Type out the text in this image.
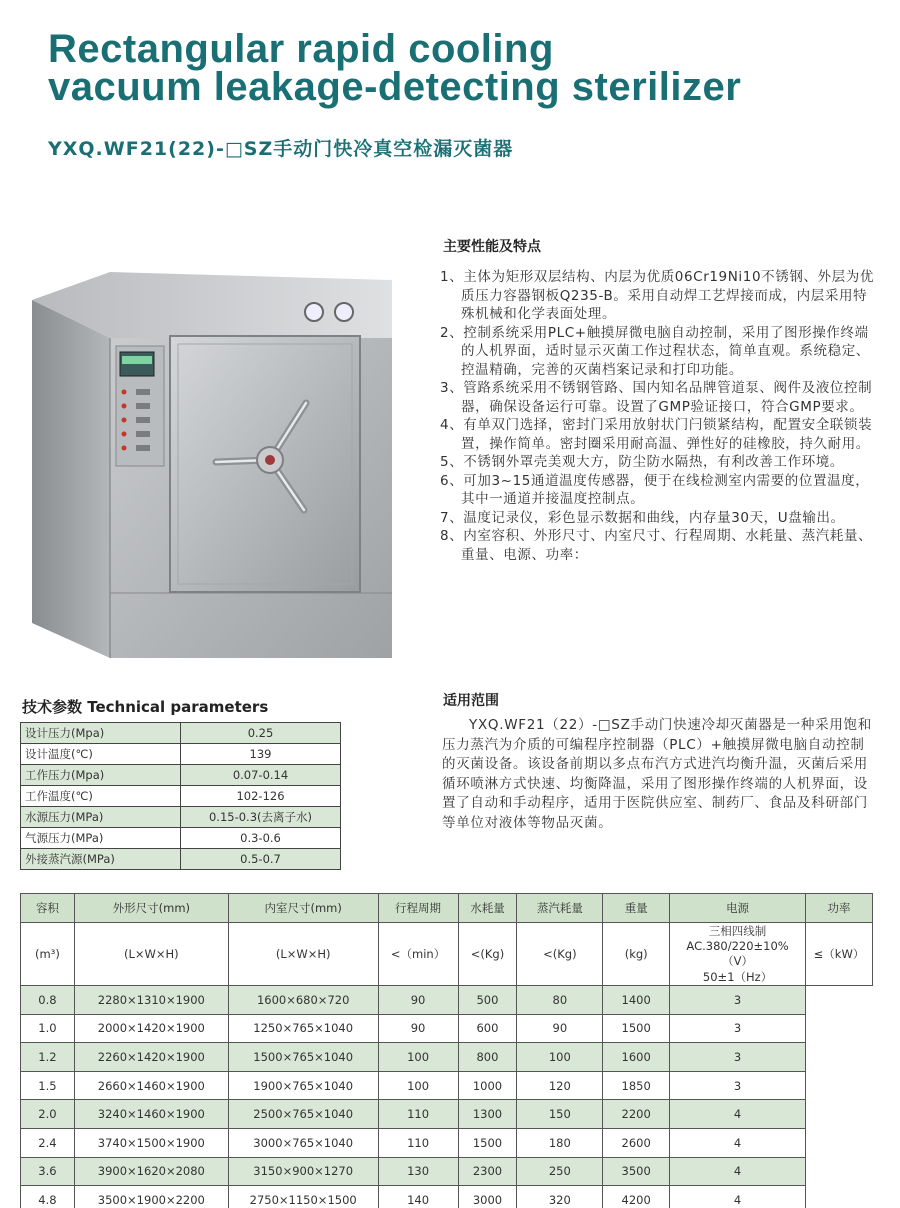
Rectangular rapid cooling
vacuum leakage-detecting sterilizer
YXQ.WF21(22)-□SZ手动门快冷真空检漏灭菌器
主要性能及特点

1、主体为矩形双层结构、内层为优质06Cr19Ni10不锈钢、外层为优质压力容器钢板Q235-B。采用自动焊工艺焊接而成，内层采用特殊机械和化学表面处理。

2、控制系统采用PLC+触摸屏微电脑自动控制，采用了图形操作终端的人机界面，适时显示灭菌工作过程状态，简单直观。系统稳定、控温精确，完善的灭菌档案记录和打印功能。

3、管路系统采用不锈钢管路、国内知名品牌管道泵、阀件及液位控制器，确保设备运行可靠。设置了GMP验证接口，符合GMP要求。

4、有单双门选择，密封门采用放射状门闩锁紧结构，配置安全联锁装置，操作简单。密封圈采用耐高温、弹性好的硅橡胶，持久耐用。

5、不锈钢外罩壳美观大方，防尘防水隔热，有利改善工作环境。

6、可加3~15通道温度传感器，便于在线检测室内需要的位置温度，其中一通道并接温度控制点。

7、温度记录仪，彩色显示数据和曲线，内存量30天，U盘输出。

8、内室容积、外形尺寸、内室尺寸、行程周期、水耗量、蒸汽耗量、重量、电源、功率：

适用范围

YXQ.WF21（22）-□SZ手动门快速冷却灭菌器是一种采用饱和压力蒸汽为介质的可编程序控制器（PLC）+触摸屏微电脑自动控制的灭菌设备。该设备前期以多点布汽方式进汽均衡升温，灭菌后采用循环喷淋方式快速、均衡降温，采用了图形操作终端的人机界面，设置了自动和手动程序，适用于医院供应室、制药厂、食品及科研部门等单位对液体等物品灭菌。

技术参数 Technical parameters
设计压力(Mpa)	0.25
设计温度(℃)	139
工作压力(Mpa)	0.07-0.14
工作温度(℃)	102-126
水源压力(MPa)	0.15-0.3(去离子水)
气源压力(MPa)	0.3-0.6
外接蒸汽源(MPa)	0.5-0.7
容积	外形尺寸(mm)	内室尺寸(mm)	行程周期	水耗量	蒸汽耗量	重量	电源	功率
(m³)	(L×W×H)	(L×W×H)	<（min）	<(Kg)	<(Kg)	(kg)	三相四线制
AC.380/220±10%
（V）
50±1（Hz）	≤（kW）
0.8	2280×1310×1900	1600×680×720	90	500	80	1400	3	
1.0	2000×1420×1900	1250×765×1040	90	600	90	1500	3	
1.2	2260×1420×1900	1500×765×1040	100	800	100	1600	3	
1.5	2660×1460×1900	1900×765×1040	100	1000	120	1850	3	
2.0	3240×1460×1900	2500×765×1040	110	1300	150	2200	4	
2.4	3740×1500×1900	3000×765×1040	110	1500	180	2600	4	
3.6	3900×1620×2080	3150×900×1270	130	2300	250	3500	4	
4.8	3500×1900×2200	2750×1150×1500	140	3000	320	4200	4	
